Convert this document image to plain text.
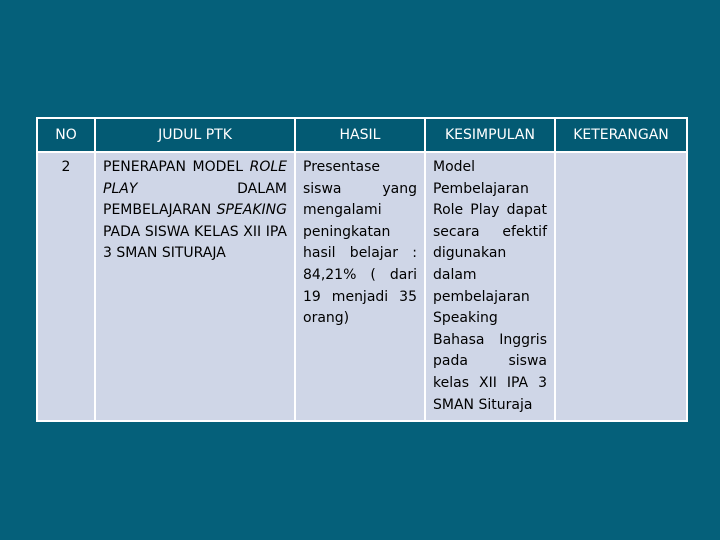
NO	JUDUL PTK	HASIL	KESIMPULAN	KETERANGAN
2	PENERAPAN MODEL ROLE PLAY DALAM PEMBELAJARAN SPEAKING PADA SISWA KELAS XII IPA 3 SMAN SITURAJA	Presentase siswa yang mengalami peningkatan hasil belajar : 84,21% ( dari 19 menjadi 35 orang)	Model Pembelajaran Role Play dapat secara efektif digunakan dalam pembelajaran Speaking Bahasa Inggris pada siswa kelas XII IPA 3 SMAN Situraja	
